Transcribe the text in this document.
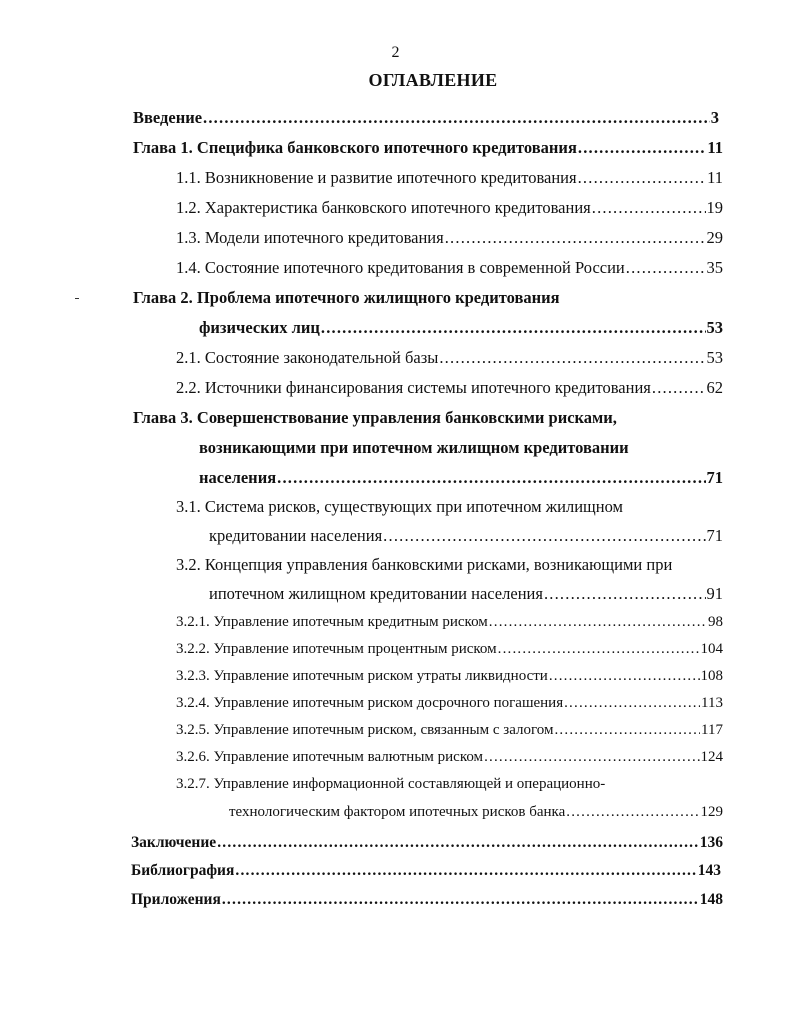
2
ОГЛАВЛЕНИЕ
Введение .....	3
Глава 1. Специфика банковского ипотечного кредитования .....	11
1.1. Возникновение и развитие ипотечного кредитования .....	11
1.2. Характеристика банковского ипотечного кредитования .....	19
1.3. Модели ипотечного кредитования .....	29
1.4. Состояние ипотечного кредитования в современной России .....	35
Глава 2. Проблема ипотечного жилищного кредитования
физических лиц .....	53
2.1. Состояние законодательной базы .....	53
2.2. Источники финансирования системы ипотечного кредитования .....	62
Глава 3. Совершенствование управления банковскими рисками,
возникающими при ипотечном жилищном кредитовании
населения .....	71
3.1. Система рисков, существующих при ипотечном жилищном
кредитовании населения .....	71
3.2. Концепция управления банковскими рисками, возникающими при
ипотечном жилищном кредитовании населения .....	91
3.2.1. Управление ипотечным кредитным риском .....	98
3.2.2. Управление ипотечным процентным риском .....	104
3.2.3. Управление ипотечным риском утраты ликвидности .....	108
3.2.4. Управление ипотечным риском досрочного погашения .....	113
3.2.5. Управление ипотечным риском, связанным с залогом .....	117
3.2.6. Управление ипотечным валютным риском .....	124
3.2.7. Управление информационной составляющей и операционно-
технологическим фактором ипотечных рисков банка .....	129
Заключение .....	136
Библиография .....	143
Приложения .....	148
